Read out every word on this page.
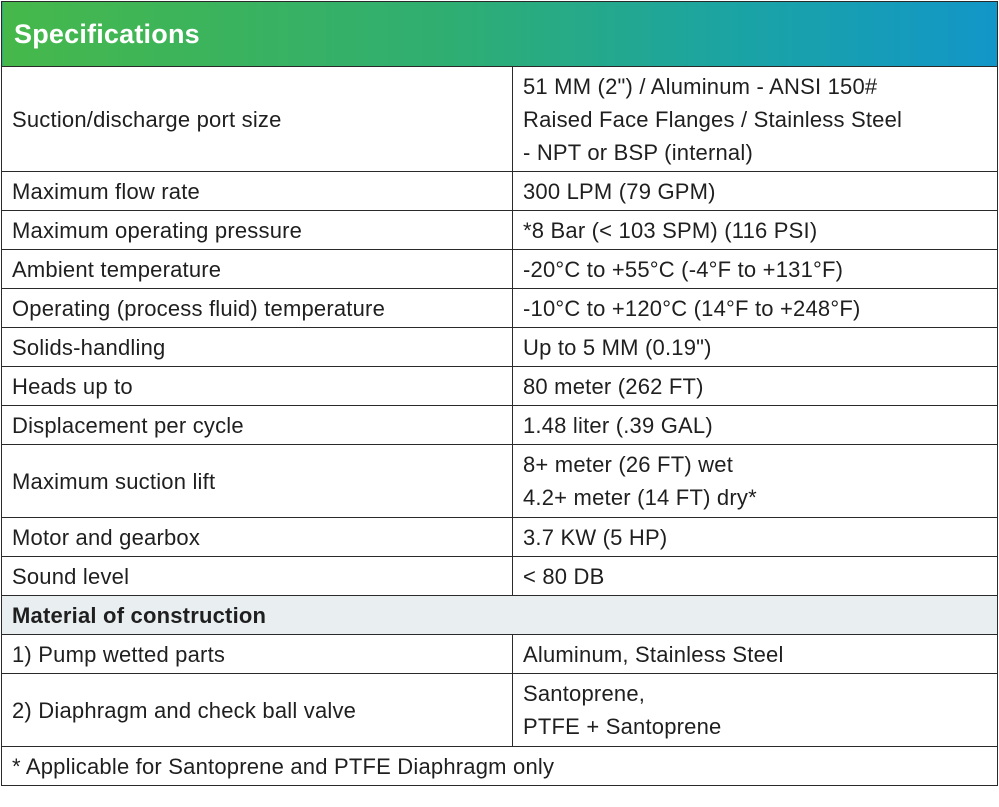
Specifications	
Suction/discharge port size	51 MM (2") / Aluminum - ANSI 150#
Raised Face Flanges / Stainless Steel
- NPT or BSP (internal)

Maximum flow rate	300 LPM (79 GPM)
Maximum operating pressure	*8 Bar (< 103 SPM) (116 PSI)
Ambient temperature	-20°C to +55°C (-4°F to +131°F)
Operating (process fluid) temperature	-10°C to +120°C (14°F to +248°F)
Solids-handling	Up to 5 MM (0.19")
Heads up to	80 meter (262 FT)
Displacement per cycle	1.48 liter (.39 GAL)
Maximum suction lift	8+ meter (26 FT) wet
4.2+ meter (14 FT) dry*

Motor and gearbox	3.7 KW (5 HP)
Sound level	< 80 DB
Material of construction	
1) Pump wetted parts	Aluminum, Stainless Steel
2) Diaphragm and check ball valve	Santoprene,
PTFE + Santoprene

* Applicable for Santoprene and PTFE Diaphragm only	
